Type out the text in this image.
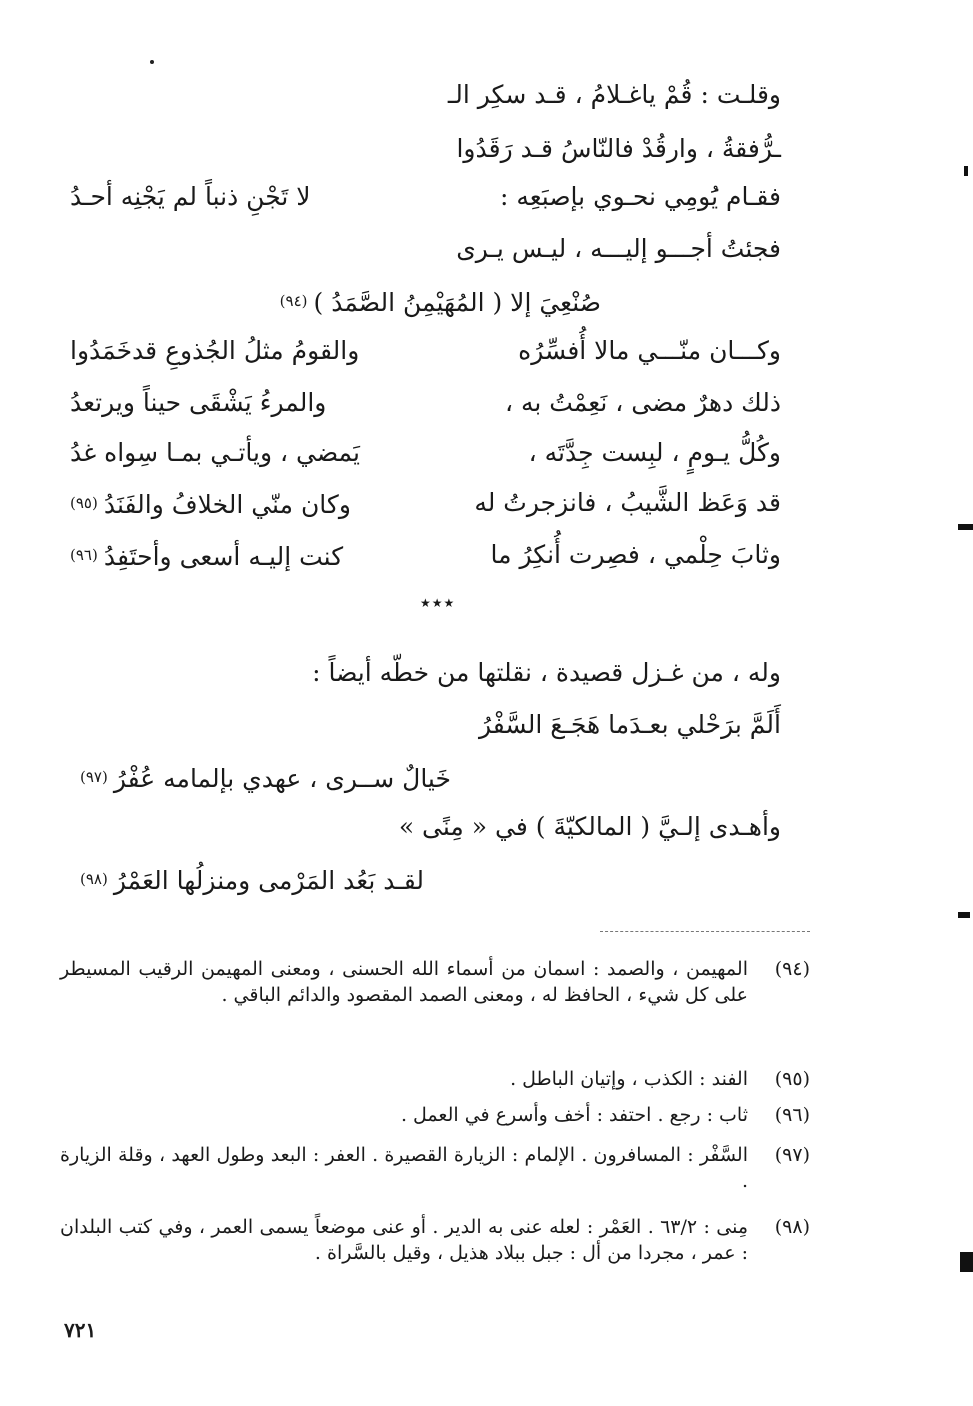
وقلـت : قُمْ ياغـلامُ ، قـد سكِر الـ
ـرُّفقةُ ، وارقُدْ فالنّاسُ قـد رَقَدُوا
فقـام يَُومِي نحـوي بإصبَعِه :
لا تَجْنِ ذنباً لم يَجْنِه أحـدُ
فجئتُ أجـــو إليـــه ، ليـس يـرى
صُنْعِيَ إلا ( المُهَيْمِنُ الصَّمَدُ )$^{(٩٤)}$
وكـــان منّـــي مالا أُفسِّرُه
والقومُ مثلُ الجُذوعِ قدخَمَدُوا
ذلك دهرٌ مضى ، نَعِمْتُ به ،
والمرءُ يَشْقَى حيناً ويرتعدُ
وكُلُّ يـومٍ ، لبِست جِدَّتَه ،
يَمضي ، ويأتـي بمـا سِواه غدُ
قد وَعَظ الشَّيبُ ، فانزجرتُ له
وكان منّي الخلافُ والفَنَدُ$^{(٩٥)}$
وثابَ حِلْمي ، فصِرت أُنكِرُ ما
كنت إليـه أسعى وأحتَفِدُ$^{(٩٦)}$
★★★
وله ، من غـزل قصيدة ، نقلتها من خطّه أيضاً :
أَلَمَّ برَحْلي بعـدَما هَجَـعَ السَّفْرُ
خَيالٌ ســرى ، عهدي بإلمامه عُفْرُ$^{(٩٧)}$
وأهـدى إلـيَّ ( المالكيّةَ ) في « مِنًى »
لقـد بَعُد المَرْمى ومنزلُها العَمْرُ$^{(٩٨)}$
(٩٤)
المهيمن ، والصمد : اسمان من أسماء الله الحسنى ، ومعنى المهيمن الرقيب المسيطر على كل شيء ، الحافظ له ، ومعنى الصمد المقصود والدائم الباقي .
(٩٥)
الفند : الكذب ، وإتيان الباطل .
(٩٦)
ثاب : رجع . احتفد : أخف وأسرع في العمل .
(٩٧)
السَّفْر : المسافرون . الإلمام : الزيارة القصيرة . العفر : البعد وطول العهد ، وقلة الزيارة .
(٩٨)
مِنى : ٦٣/٢ . العَمْر : لعله عنى به الدير . أو عنى موضعاً يسمى العمر ، وفي كتب البلدان : عمر ، مجردا من أل : جبل ببلاد هذيل ، وقيل بالسَّراة .
٧٢١
